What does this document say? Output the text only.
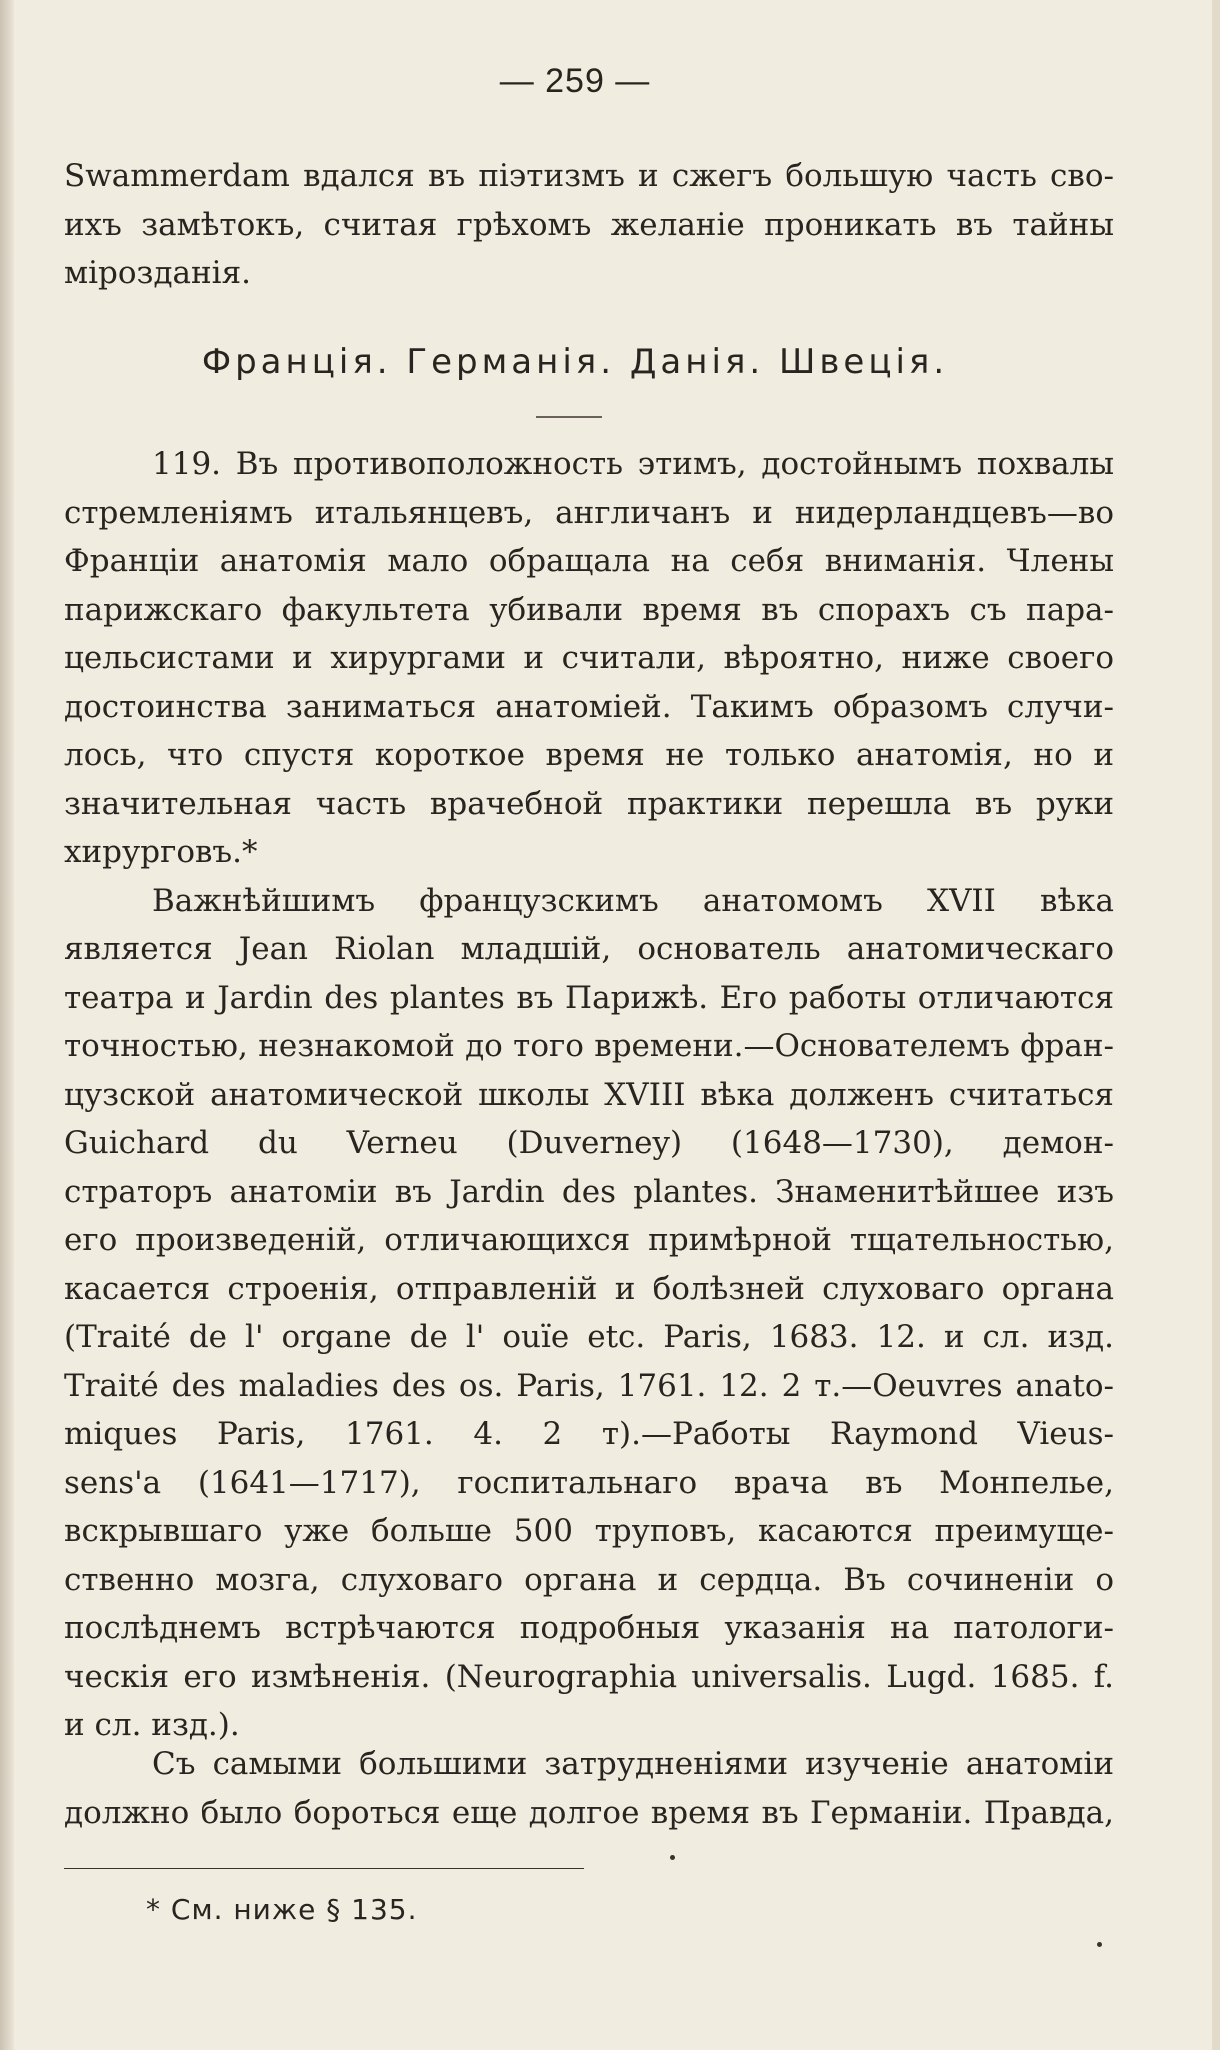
— 259 —
Swammerdam вдался въ піэтизмъ и сжегъ большую часть сво-
ихъ замѣтокъ, считая грѣхомъ желаніе проникать въ тайны
мірозданія.
Франція. Германія. Данія. Швеція.
119. Въ противоположность этимъ, достойнымъ похвалы
стремленіямъ итальянцевъ, англичанъ и нидерландцевъ—во
Франціи анатомія мало обращала на себя вниманія. Члены
парижскаго факультета убивали время въ спорахъ съ пара-
цельсистами и хирургами и считали, вѣроятно, ниже своего
достоинства заниматься анатоміей. Такимъ образомъ случи-
лось, что спустя короткое время не только анатомія, но и
значительная часть врачебной практики перешла въ руки
хирурговъ.*
Важнѣйшимъ французскимъ анатомомъ XVII вѣка
является Jean Riolan младшій, основатель анатомическаго
театра и Jardin des plantes въ Парижѣ. Его работы отличаются
точностью, незнакомой до того времени.—Основателемъ фран-
цузской анатомической школы XVIII вѣка долженъ считаться
Guichard du Verneu (Duverney) (1648—1730), демон-
страторъ анатоміи въ Jardin des plantes. Знаменитѣйшее изъ
его произведеній, отличающихся примѣрной тщательностью,
касается строенія, отправленій и болѣзней слуховаго органа
(Traité de l' organe de l' ouïe etc. Paris, 1683. 12. и сл. изд.
Traité des maladies des os. Paris, 1761. 12. 2 т.—Oeuvres anato-
miques Paris, 1761. 4. 2 т).—Работы Raymond Vieus-
sens'a (1641—1717), госпитальнаго врача въ Монпелье,
вскрывшаго уже больше 500 труповъ, касаются преимуще-
ственно мозга, слуховаго органа и сердца. Въ сочиненіи о
послѣднемъ встрѣчаются подробныя указанія на патологи-
ческія его измѣненія. (Neurographia universalis. Lugd. 1685. f.
и сл. изд.).
Съ самыми большими затрудненіями изученіе анатоміи
должно было бороться еще долгое время въ Германіи. Правда,
* См. ниже § 135.
